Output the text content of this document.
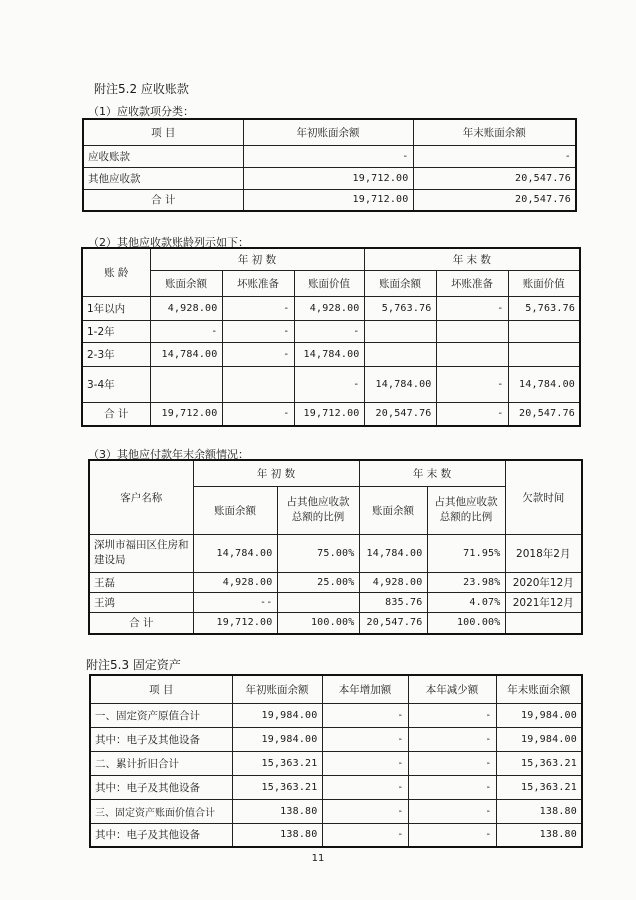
附注5.2 应收账款
（1）应收款项分类：
项 目	年初账面余额	年末账面余额
应收账款	-	-
其他应收款	19,712.00	20,547.76
合 计	19,712.00	20,547.76
（2）其他应收款账龄列示如下：
账 龄	年 初 数			年 末 数		
	账面余额	坏账准备	账面价值	账面余额	坏账准备	账面价值
1年以内	4,928.00	-	4,928.00	5,763.76	-	5,763.76
1-2年	-	-	-			
2-3年	14,784.00	-	14,784.00			
3-4年			-	14,784.00	-	14,784.00
合 计	19,712.00	-	19,712.00	20,547.76	-	20,547.76
（3）其他应付款年末余额情况：
客户名称	年 初 数		年 末 数		欠款时间
	账面余额	占其他应收款总额的比例	账面余额	占其他应收款总额的比例	
深圳市福田区住房和建设局	14,784.00	75.00%	14,784.00	71.95%	2018年2月
王磊	4,928.00	25.00%	4,928.00	23.98%	2020年12月
王鸿	--		835.76	4.07%	2021年12月
合 计	19,712.00	100.00%	20,547.76	100.00%	
附注5.3 固定资产
项 目	年初账面余额	本年增加额	本年减少额	年末账面余额
一、固定资产原值合计	19,984.00	-	-	19,984.00
其中：电子及其他设备	19,984.00	-	-	19,984.00
二、累计折旧合计	15,363.21	-	-	15,363.21
其中：电子及其他设备	15,363.21	-	-	15,363.21
三、固定资产账面价值合计	138.80	-	-	138.80
其中：电子及其他设备	138.80	-	-	138.80
11
